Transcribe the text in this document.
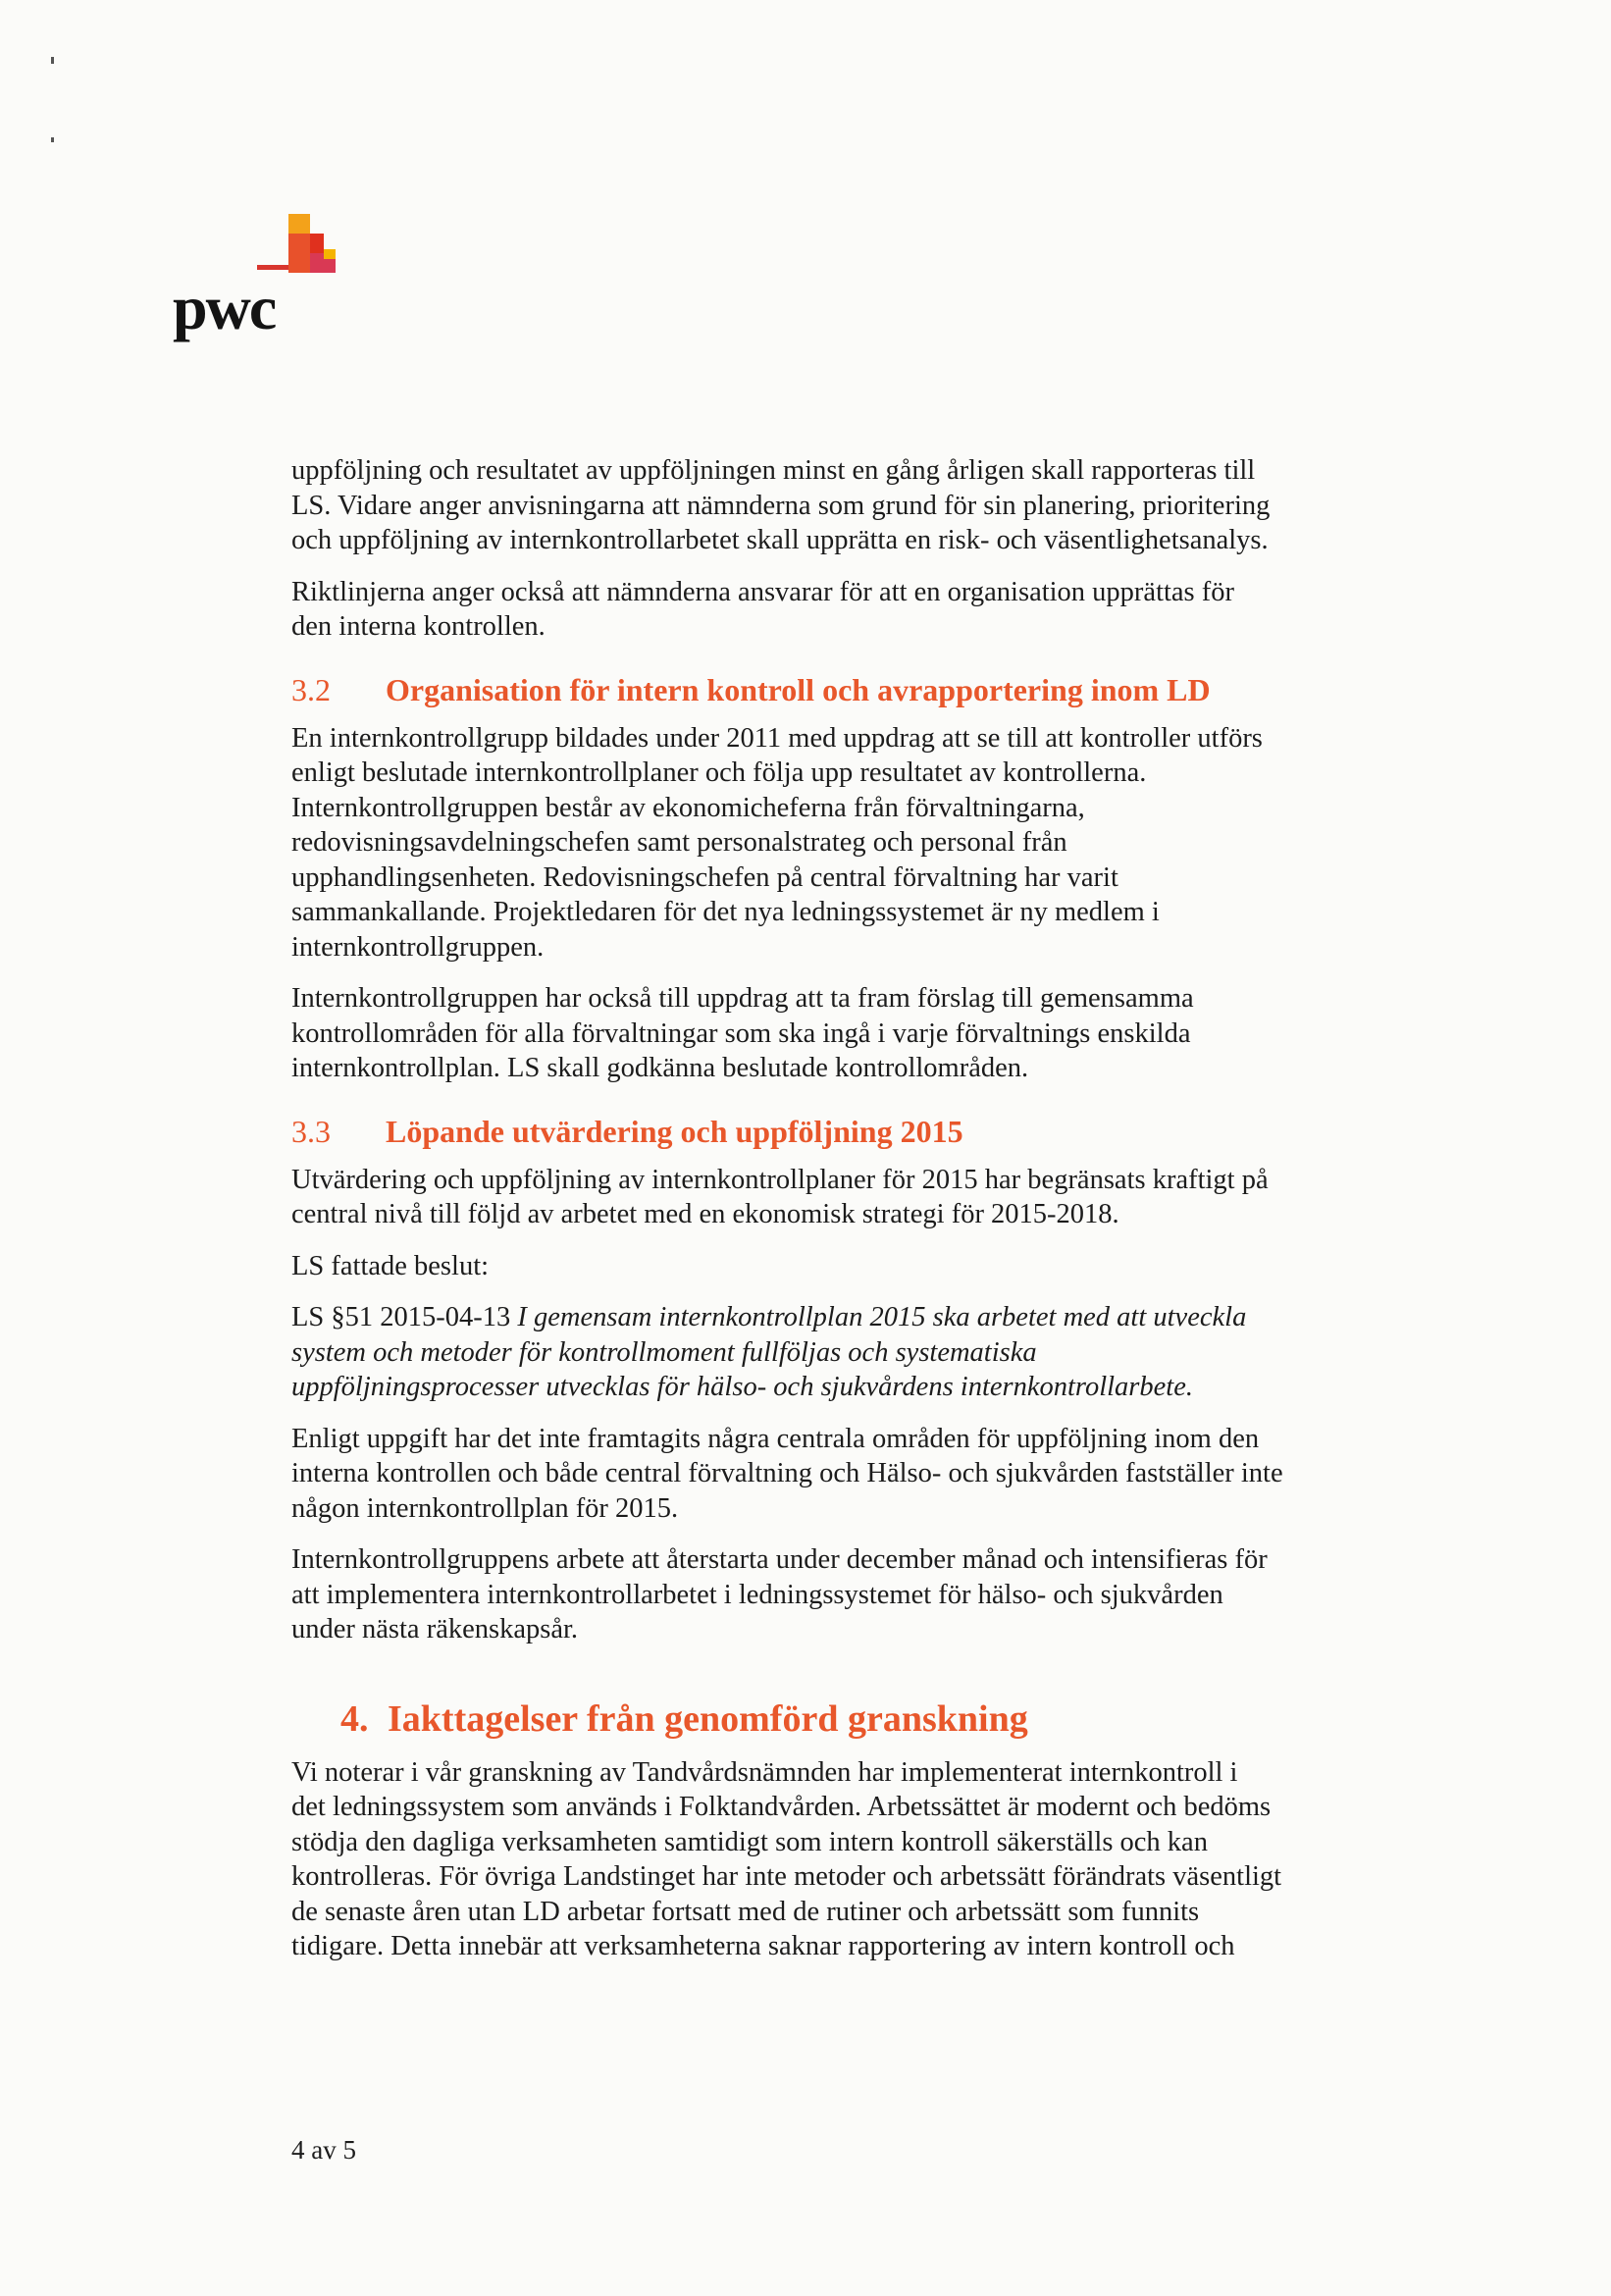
pwc

uppföljning och resultatet av uppföljningen minst en gång årligen skall rapporteras till
LS. Vidare anger anvisningarna att nämnderna som grund för sin planering, prioritering
och uppföljning av internkontrollarbetet skall upprätta en risk- och väsentlighetsanalys.

Riktlinjerna anger också att nämnderna ansvarar för att en organisation upprättas för
den interna kontrollen.

3.2	Organisation för intern kontroll och avrapportering inom LD

En internkontrollgrupp bildades under 2011 med uppdrag att se till att kontroller utförs
enligt beslutade internkontrollplaner och följa upp resultatet av kontrollerna.
Internkontrollgruppen består av ekonomicheferna från förvaltningarna,
redovisningsavdelningschefen samt personalstrateg och personal från
upphandlingsenheten. Redovisningschefen på central förvaltning har varit
sammankallande. Projektledaren för det nya ledningssystemet är ny medlem i
internkontrollgruppen.

Internkontrollgruppen har också till uppdrag att ta fram förslag till gemensamma
kontrollområden för alla förvaltningar som ska ingå i varje förvaltnings enskilda
internkontrollplan. LS skall godkänna beslutade kontrollområden.

3.3	Löpande utvärdering och uppföljning 2015

Utvärdering och uppföljning av internkontrollplaner för 2015 har begränsats kraftigt på
central nivå till följd av arbetet med en ekonomisk strategi för 2015-2018.

LS fattade beslut:

LS §51 2015-04-13 I gemensam internkontrollplan 2015 ska arbetet med att utveckla
system och metoder för kontrollmoment fullföljas och systematiska
uppföljningsprocesser utvecklas för hälso- och sjukvårdens internkontrollarbete.

Enligt uppgift har det inte framtagits några centrala områden för uppföljning inom den
interna kontrollen och både central förvaltning och Hälso- och sjukvården fastställer inte
någon internkontrollplan för 2015.

Internkontrollgruppens arbete att återstarta under december månad och intensifieras för
att implementera internkontrollarbetet i ledningssystemet för hälso- och sjukvården
under nästa räkenskapsår.

4. Iakttagelser från genomförd granskning

Vi noterar i vår granskning av Tandvårdsnämnden har implementerat internkontroll i
det ledningssystem som används i Folktandvården. Arbetssättet är modernt och bedöms
stödja den dagliga verksamheten samtidigt som intern kontroll säkerställs och kan
kontrolleras. För övriga Landstinget har inte metoder och arbetssätt förändrats väsentligt
de senaste åren utan LD arbetar fortsatt med de rutiner och arbetssätt som funnits
tidigare. Detta innebär att verksamheterna saknar rapportering av intern kontroll och

4 av 5
